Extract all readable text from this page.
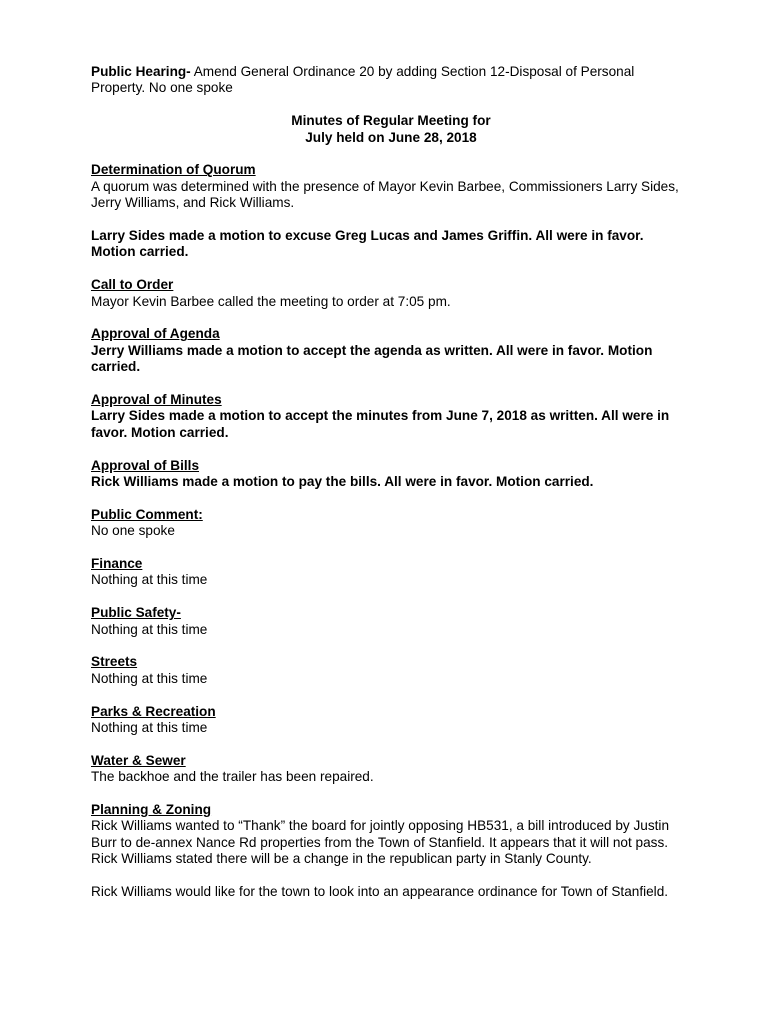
Public Hearing- Amend General Ordinance 20 by adding Section 12-Disposal of Personal Property. No one spoke

Minutes of Regular Meeting for

July held on June 28, 2018

Determination of Quorum

A quorum was determined with the presence of Mayor Kevin Barbee, Commissioners Larry Sides, Jerry Williams, and Rick Williams.

Larry Sides made a motion to excuse Greg Lucas and James Griffin. All were in favor. Motion carried.

Call to Order

Mayor Kevin Barbee called the meeting to order at 7:05 pm.

Approval of Agenda

Jerry Williams made a motion to accept the agenda as written. All were in favor. Motion carried.

Approval of Minutes

Larry Sides made a motion to accept the minutes from June 7, 2018 as written. All were in favor. Motion carried.

Approval of Bills

Rick Williams made a motion to pay the bills. All were in favor. Motion carried.

Public Comment:

No one spoke

Finance

Nothing at this time

Public Safety-

Nothing at this time

Streets

Nothing at this time

Parks & Recreation

Nothing at this time

Water & Sewer

The backhoe and the trailer has been repaired.

Planning & Zoning

Rick Williams wanted to “Thank” the board for jointly opposing HB531, a bill introduced by Justin Burr to de-annex Nance Rd properties from the Town of Stanfield. It appears that it will not pass. Rick Williams stated there will be a change in the republican party in Stanly County.

Rick Williams would like for the town to look into an appearance ordinance for Town of Stanfield.
